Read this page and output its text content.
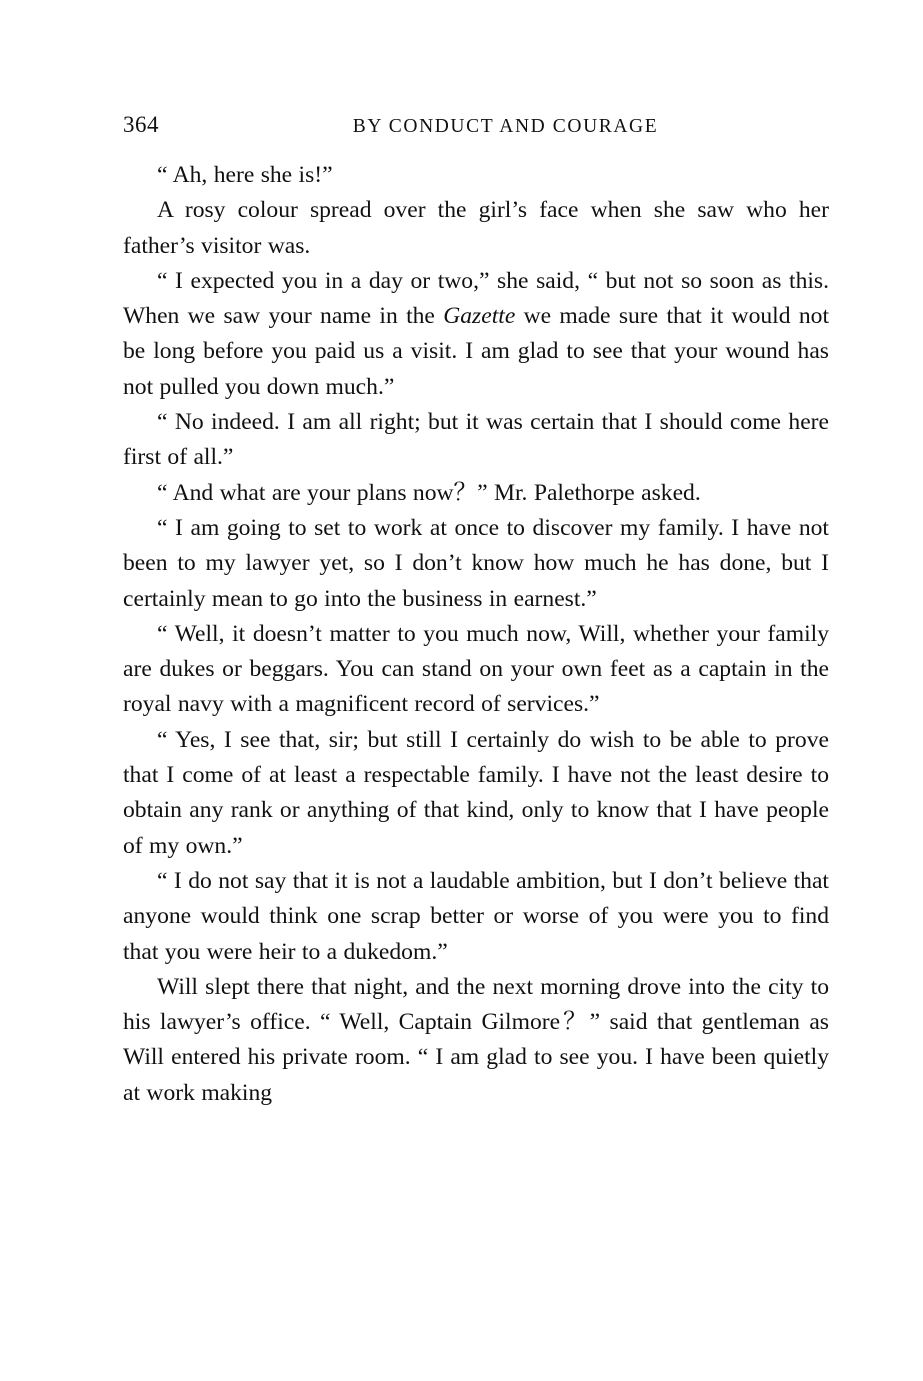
364	BY CONDUCT AND COURAGE

“ Ah, here she is!”

A rosy colour spread over the girl’s face when she saw who her father’s visitor was.

“ I expected you in a day or two,” she said, “ but not so soon as this. When we saw your name in the Gazette we made sure that it would not be long before you paid us a visit. I am glad to see that your wound has not pulled you down much.”

“ No indeed. I am all right; but it was certain that I should come here first of all.”

“ And what are your plans now？” Mr. Palethorpe asked.

“ I am going to set to work at once to discover my family. I have not been to my lawyer yet, so I don’t know how much he has done, but I certainly mean to go into the business in earnest.”

“ Well, it doesn’t matter to you much now, Will, whether your family are dukes or beggars. You can stand on your own feet as a captain in the royal navy with a magnificent record of services.”

“ Yes, I see that, sir; but still I certainly do wish to be able to prove that I come of at least a respectable family. I have not the least desire to obtain any rank or anything of that kind, only to know that I have people of my own.”

“ I do not say that it is not a laudable ambition, but I don’t believe that anyone would think one scrap better or worse of you were you to find that you were heir to a dukedom.”

Will slept there that night, and the next morning drove into the city to his lawyer’s office. “ Well, Captain Gilmore？” said that gentleman as Will entered his private room. “ I am glad to see you. I have been quietly at work making
